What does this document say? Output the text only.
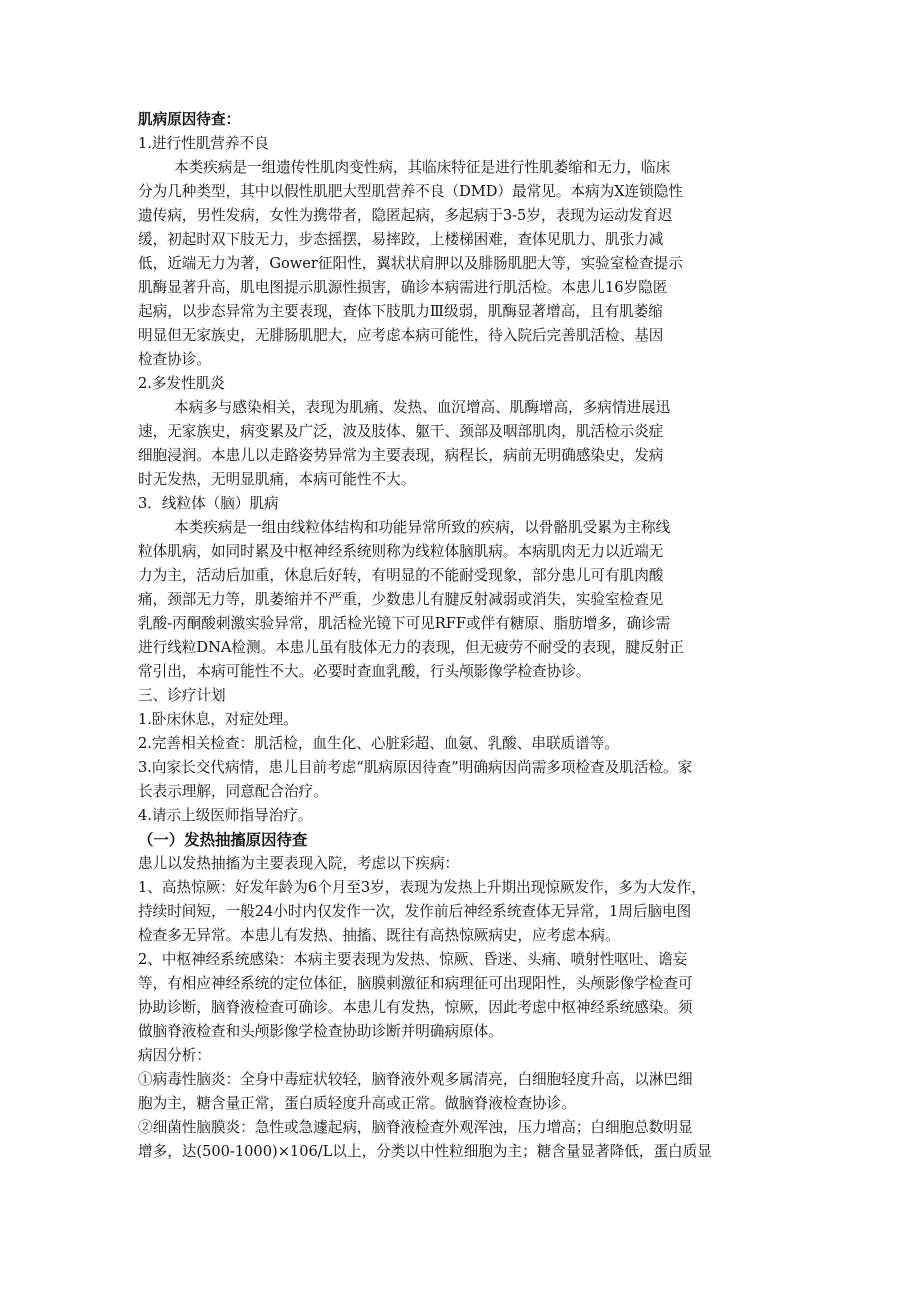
肌病原因待查：
1.进行性肌营养不良
本类疾病是一组遗传性肌肉变性病，其临床特征是进行性肌萎缩和无力，临床
分为几种类型，其中以假性肌肥大型肌营养不良（DMD）最常见。本病为X连锁隐性
遗传病，男性发病，女性为携带者，隐匿起病，多起病于3-5岁，表现为运动发育迟
缓，初起时双下肢无力，步态摇摆，易摔跤，上楼梯困难，查体见肌力、肌张力减
低，近端无力为著，Gower征阳性，翼状状肩胛以及腓肠肌肥大等，实验室检查提示
肌酶显著升高，肌电图提示肌源性损害，确诊本病需进行肌活检。本患儿16岁隐匿
起病，以步态异常为主要表现，查体下肢肌力Ⅲ级弱，肌酶显著增高，且有肌萎缩
明显但无家族史，无腓肠肌肥大，应考虑本病可能性，待入院后完善肌活检、基因
检查协诊。
2.多发性肌炎
本病多与感染相关，表现为肌痛、发热、血沉增高、肌酶增高，多病情进展迅
速，无家族史，病变累及广泛，波及肢体、躯干、颈部及咽部肌肉，肌活检示炎症
细胞浸润。本患儿以走路姿势异常为主要表现，病程长，病前无明确感染史，发病
时无发热，无明显肌痛，本病可能性不大。
3．线粒体（脑）肌病
本类疾病是一组由线粒体结构和功能异常所致的疾病，以骨骼肌受累为主称线
粒体肌病，如同时累及中枢神经系统则称为线粒体脑肌病。本病肌肉无力以近端无
力为主，活动后加重，休息后好转，有明显的不能耐受现象，部分患儿可有肌肉酸
痛，颈部无力等，肌萎缩并不严重，少数患儿有腱反射减弱或消失，实验室检查见
乳酸-丙酮酸刺激实验异常，肌活检光镜下可见RFF或伴有糖原、脂肪增多，确诊需
进行线粒DNA检测。本患儿虽有肢体无力的表现，但无疲劳不耐受的表现，腱反射正
常引出，本病可能性不大。必要时查血乳酸，行头颅影像学检查协诊。
三、诊疗计划
1.卧床休息，对症处理。
2.完善相关检查：肌活检，血生化、心脏彩超、血氨、乳酸、串联质谱等。
3.向家长交代病情，患儿目前考虑“肌病原因待查”明确病因尚需多项检查及肌活检。家
长表示理解，同意配合治疗。
4.请示上级医师指导治疗。
（一）发热抽搐原因待查
患儿以发热抽搐为主要表现入院，考虑以下疾病：
1、高热惊厥：好发年龄为6个月至3岁，表现为发热上升期出现惊厥发作，多为大发作，
持续时间短，一般24小时内仅发作一次，发作前后神经系统查体无异常，1周后脑电图
检查多无异常。本患儿有发热、抽搐、既往有高热惊厥病史，应考虑本病。
2、中枢神经系统感染：本病主要表现为发热、惊厥、昏迷、头痛、喷射性呕吐、谵妄
等，有相应神经系统的定位体征，脑膜刺激征和病理征可出现阳性，头颅影像学检查可
协助诊断，脑脊液检查可确诊。本患儿有发热，惊厥，因此考虑中枢神经系统感染。须
做脑脊液检查和头颅影像学检查协助诊断并明确病原体。
病因分析：
①病毒性脑炎：全身中毒症状较轻，脑脊液外观多属清亮，白细胞轻度升高，以淋巴细
胞为主，糖含量正常，蛋白质轻度升高或正常。做脑脊液检查协诊。
②细菌性脑膜炎：急性或急遽起病，脑脊液检查外观浑浊，压力增高；白细胞总数明显
增多，达(500-1000)×106/L以上，分类以中性粒细胞为主；糖含量显著降低，蛋白质显
